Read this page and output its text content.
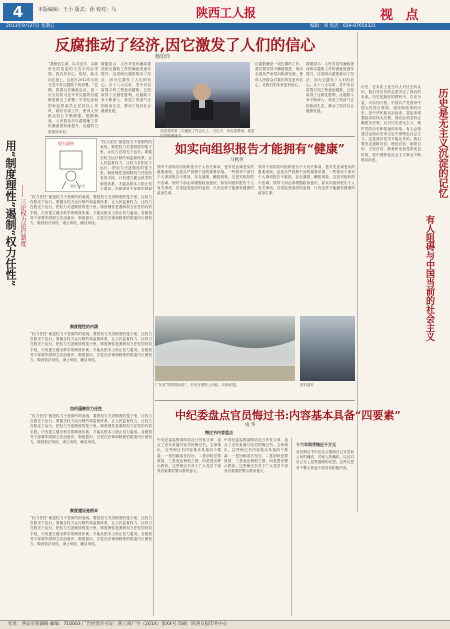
4	本版编辑：王小 版式：孙 校对：马	陕西工人报	视 点
2013年9月27日 星期五	编辑：刘 电话：029-87654321
反腐推动了经济,因它激发了人们的信心
杨伯玲
“我相信主席，以习近平、以我所在的党委的习近平同志带领，我们有信心，相信，能走向正道上，这是在2012年当初习近平对反腐做下的部署。”近期，我国召开廉政会议，是一次当初的习近平对反腐的反腐推进做出了部署。中央纪委和国家监察委员会坚持以上作风，做好各项工作，使得人民群众信心不断增强。根据调查，人民群众对反腐倡廉工作的满意度持续提升，反腐的力度前所未有。
数据显示：人民对党风廉政建设和反腐败工作的满意度逐年提升，这说明反腐败推动了经济，因为它激发了人们的信心。从十八大以来，党中央以雷霆万钧之势惩治腐败，已经取得了压倒性胜利，反腐败斗争不断深入，营造了风清气正的政治生态，推动了经济社会健康发展。
在国务院第二次廉政工作会议上，习近平、李克强强调，推进
反腐倡廉是一项长期的工作，我们要坚持不懈地推进，推动全面从严治党向纵深发展，使得人民群众对我们的党更有信心，对我们的未来更有信心。
数据显示：人民对党风廉政建设和反腐败工作的满意度逐年提升，这说明反腐败推动了经济，因为它激发了人们的信心。从十八大以来，党中央以雷霆万钧之势惩治腐败，已经取得了压倒性胜利，反腐败斗争不断深入，营造了风清气正的政治生态，推动了经济社会健康发展。	历史是无主义沉淀的记忆
有人阻碍与中国当前的社会主义
历史，在本质上是当代人对过去的认识。我们对历史的态度决定了我们的未来。历史是最好的教科书，以史为鉴，可以知兴替。中国共产党领导中国人民进行革命、建设和改革的历史，是中华民族从站起来、富起来到强起来的伟大历程。我们必须坚持正确的历史观，反对历史虚无主义，维护党的历史和领袖的形象。有人企图通过歪曲历史来否定中国特色社会主义，这是我们坚决不能允许的。我们要坚定道路自信、理论自信、制度自信、文化自信，继承和发扬党的优良传统，把中国特色社会主义事业不断推向前进。
用“制度理性”遏制“权力任性” —— 三论权力运行制度
权力清单
漫画 / 作者
“权力任性”就是权力不受制约的表现，要把权力关进制度的笼子里，让权力在阳光下运行。要健全权力运行制约和监督体系，让人民监督权力，让权力在阳光下运行，把权力关进制度的笼子里。制度理性是遏制权力任性的有效手段，只有建立健全科学的制度体系，才能从根本上防止权力滥用。各级领导干部要牢固树
“权力任性”就是权力不受制约的表现，要把权力关进制度的笼子里，让权力在阳光下运行。要健全权力运行制约和监督体系，让人民监督权力，让权力在阳光下运行，把权力关进制度的笼子里。制度理性是遏制权力任性的有效手段，只有建立健全科学的制度体系，才能从根本上防止权力滥用。各级领导干部要牢固树立法治意识、制度意识，自觉在法律和制度的框架内行使权力，做到依法用权、秉公用权、廉洁用权。
制度理性的内涵
“权力任性”就是权力不受制约的表现，要把权力关进制度的笼子里，让权力在阳光下运行。要健全权力运行制约和监督体系，让人民监督权力，让权力在阳光下运行，把权力关进制度的笼子里。制度理性是遏制权力任性的有效手段，只有建立健全科学的制度体系，才能从根本上防止权力滥用。各级领导干部要牢固树立法治意识、制度意识，自觉在法律和制度的框架内行使权力，做到依法用权、秉公用权、廉洁用权。
如何遏制权力任性
“权力任性”就是权力不受制约的表现，要把权力关进制度的笼子里，让权力在阳光下运行。要健全权力运行制约和监督体系，让人民监督权力，让权力在阳光下运行，把权力关进制度的笼子里。制度理性是遏制权力任性的有效手段，只有建立健全科学的制度体系，才能从根本上防止权力滥用。各级领导干部要牢固树立法治意识、制度意识，自觉在法律和制度的框架内行使权力，做到依法用权、秉公用权、廉洁用权。
制度建设是根本
“权力任性”就是权力不受制约的表现，要把权力关进制度的笼子里，让权力在阳光下运行。要健全权力运行制约和监督体系，让人民监督权力，让权力在阳光下运行，把权力关进制度的笼子里。制度理性是遏制权力任性的有效手段，只有建立健全科学的制度体系，才能从根本上防止权力滥用。各级领导干部要牢固树立法治意识、制度意识，自觉在法律和制度的框架内行使权力，做到依法用权、秉公用权、廉洁用权。
如实向组织报告才能拥有“健康”
马秋英
领导干部如实向组织报告个人有关事项，是对党忠诚老实的重要表现，也是从严管理干部的重要举措。一些领导干部对个人事项报告不重视，存在漏报、瞒报现象，这是对组织的不忠诚。领导干部必须增强政治意识，如实向组织报告个人有关事项，自觉接受组织的监督，只有这样才能拥有健康的政治生命。
领导干部如实向组织报告个人有关事项，是对党忠诚老实的重要表现，也是从严管理干部的重要举措。一些领导干部对个人事项报告不重视，存在漏报、瞒报现象，这是对组织的不忠诚。领导干部必须增强政治意识，如实向组织报告个人有关事项，自觉接受组织的监督，只有这样才能拥有健康的政治生命。
广东省“网络微问政”，市民在网络上问政，反映问题。	资料图片
中纪委盘点官员悔过书:内容基本具备“四要素”
南 华
悔过书内容盘点
中央纪委监察部网站近日刊发文章，盘点了近年来落马官员的悔过书。文章指出，这些悔过书内容基本具备四个要素：一是回顾成长经历，二是剖析犯罪原因，三是表达悔恨之情，四是提出警示教育。这些悔过书对于广大党员干部具有重要的警示教育意义。
中央纪委监察部网站近日刊发文章，盘点了近年来落马官员的悔过书。文章指出，这些悔过书内容基本具备四个要素：一是回顾成长经历，二是剖析犯罪原因，三是表达悔恨之情，四是提出警示教育。这些悔过书对于广大党员干部具有重要的警示教育意义。
十六年间受贿近千万元
官员悔过书中往往会提到自己对党和人民的愧疚，对家人的愧疚，以及对自己走上犯罪道路的反思。这些反思对于警示其他干部具有积极作用。
社址：西安市莲湖路 邮编：710003 广告经营许可证：陕工商广字（201X）第XX号 印刷：陕西日报印务中心
